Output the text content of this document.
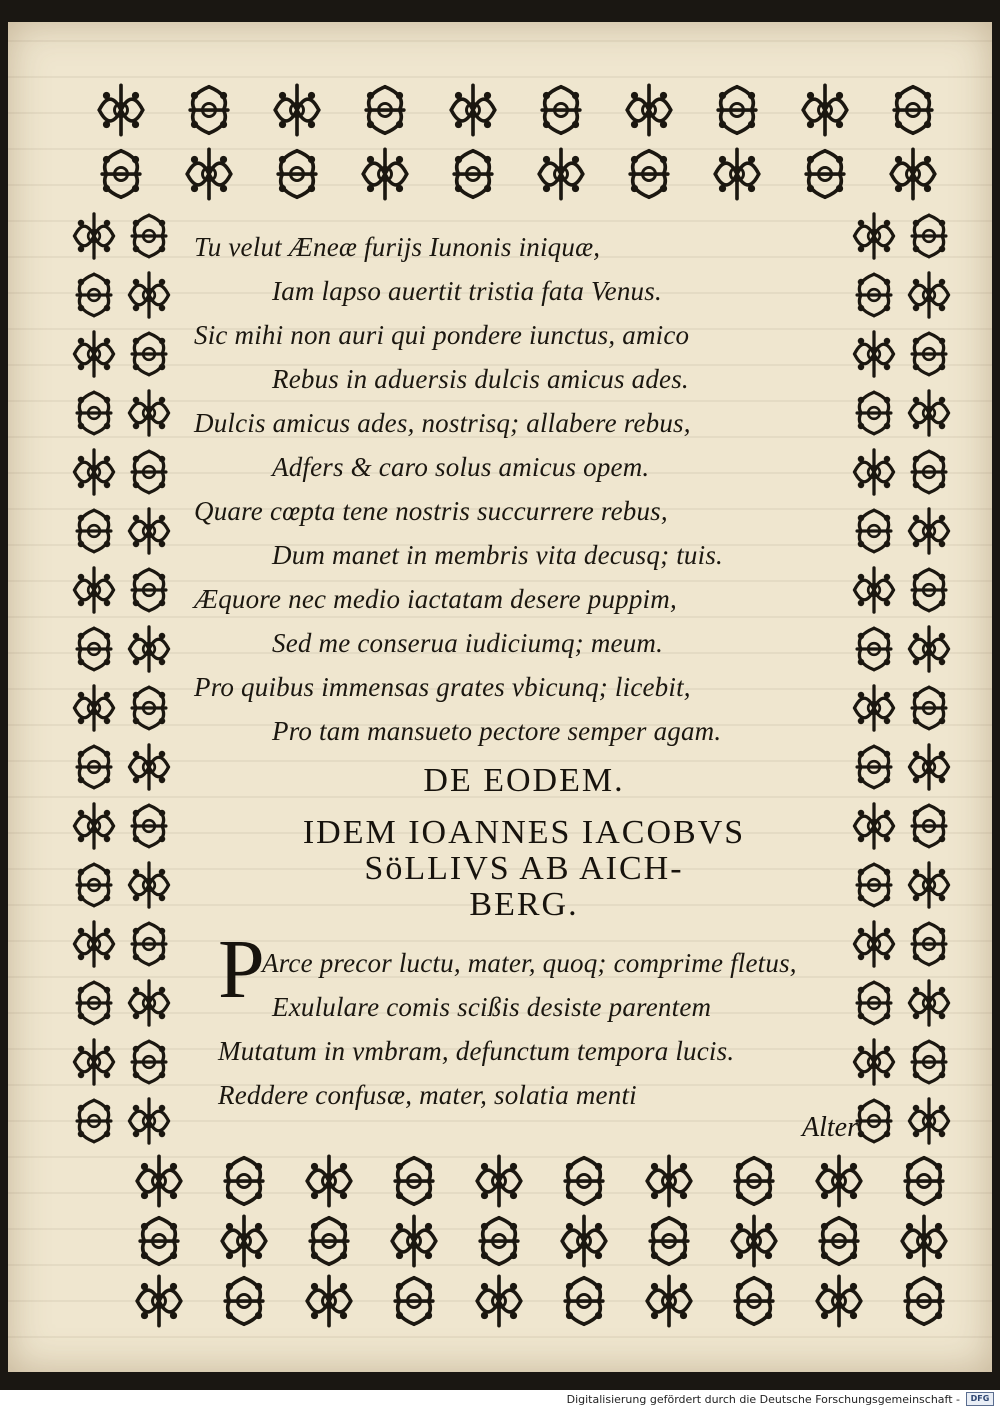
Tu velut Æneæ furijs Iunonis iniquæ,
Iam lapso auertit tristia fata Venus.
Sic mihi non auri qui pondere iunctus, amico
Rebus in aduersis dulcis amicus ades.
Dulcis amicus ades, nostrisq; allabere rebus,
Adfers & caro solus amicus opem.
Quare cœpta tene nostris succurrere rebus,
Dum manet in membris vita decusq; tuis.
Æquore nec medio iactatam desere puppim,
Sed me conserua iudiciumq; meum.
Pro quibus immensas grates vbicunq; licebit,
Pro tam mansueto pectore semper agam.
DE EODEM.
IDEM IOANNES IACOBVS
SöLLIVS AB AICH-
BERG.
P
Arce precor luctu, mater, quoq; comprime fletus,
Exululare comis scißis desiste parentem
Mutatum in vmbram, defunctum tempora lucis.
Reddere confusæ, mater, solatia menti
Alter
Digitalisierung gefördert durch die Deutsche Forschungsgemeinschaft -	DFG
